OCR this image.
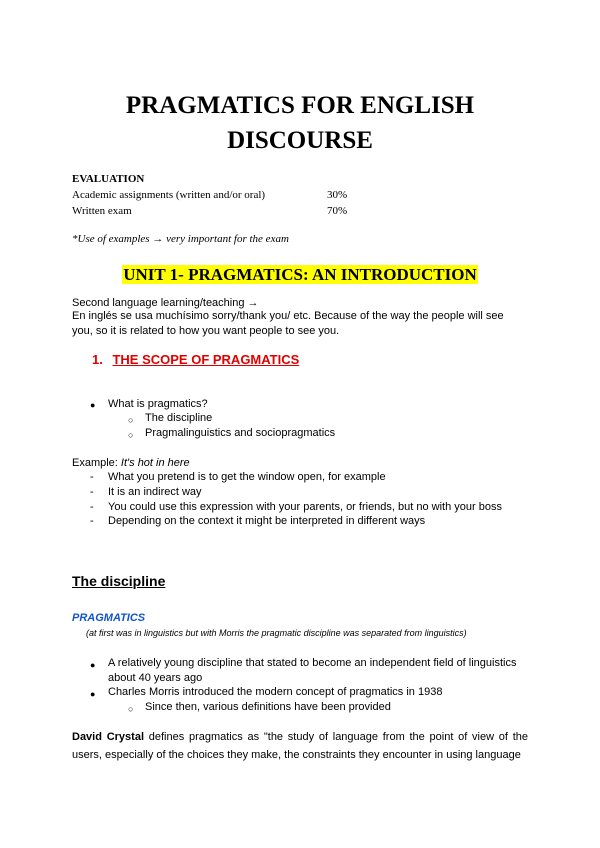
PRAGMATICS FOR ENGLISH
DISCOURSE
EVALUATION
Academic assignments (written and/or oral)	30%
Written exam	70%
*Use of examples → very important for the exam
UNIT 1- PRAGMATICS: AN INTRODUCTION
Second language learning/teaching →
En inglés se usa muchísimo sorry/thank you/ etc. Because of the way the people will see
you, so it is related to how you want people to see you.
1. THE SCOPE OF PRAGMATICS
● What is pragmatics?
○ The discipline
○ Pragmalinguistics and sociopragmatics
Example: It's hot in here
- What you pretend is to get the window open, for example
- It is an indirect way
- You could use this expression with your parents, or friends, but no with your boss
- Depending on the context it might be interpreted in different ways
The discipline
PRAGMATICS
(at first was in linguistics but with Morris the pragmatic discipline was separated from linguistics)
● A relatively young discipline that stated to become an independent field of linguistics
about 40 years ago
● Charles Morris introduced the modern concept of pragmatics in 1938
○ Since then, various definitions have been provided
David Crystal defines pragmatics as "the study of language from the point of view of the users, especially of the choices they make, the constraints they encounter in using language
